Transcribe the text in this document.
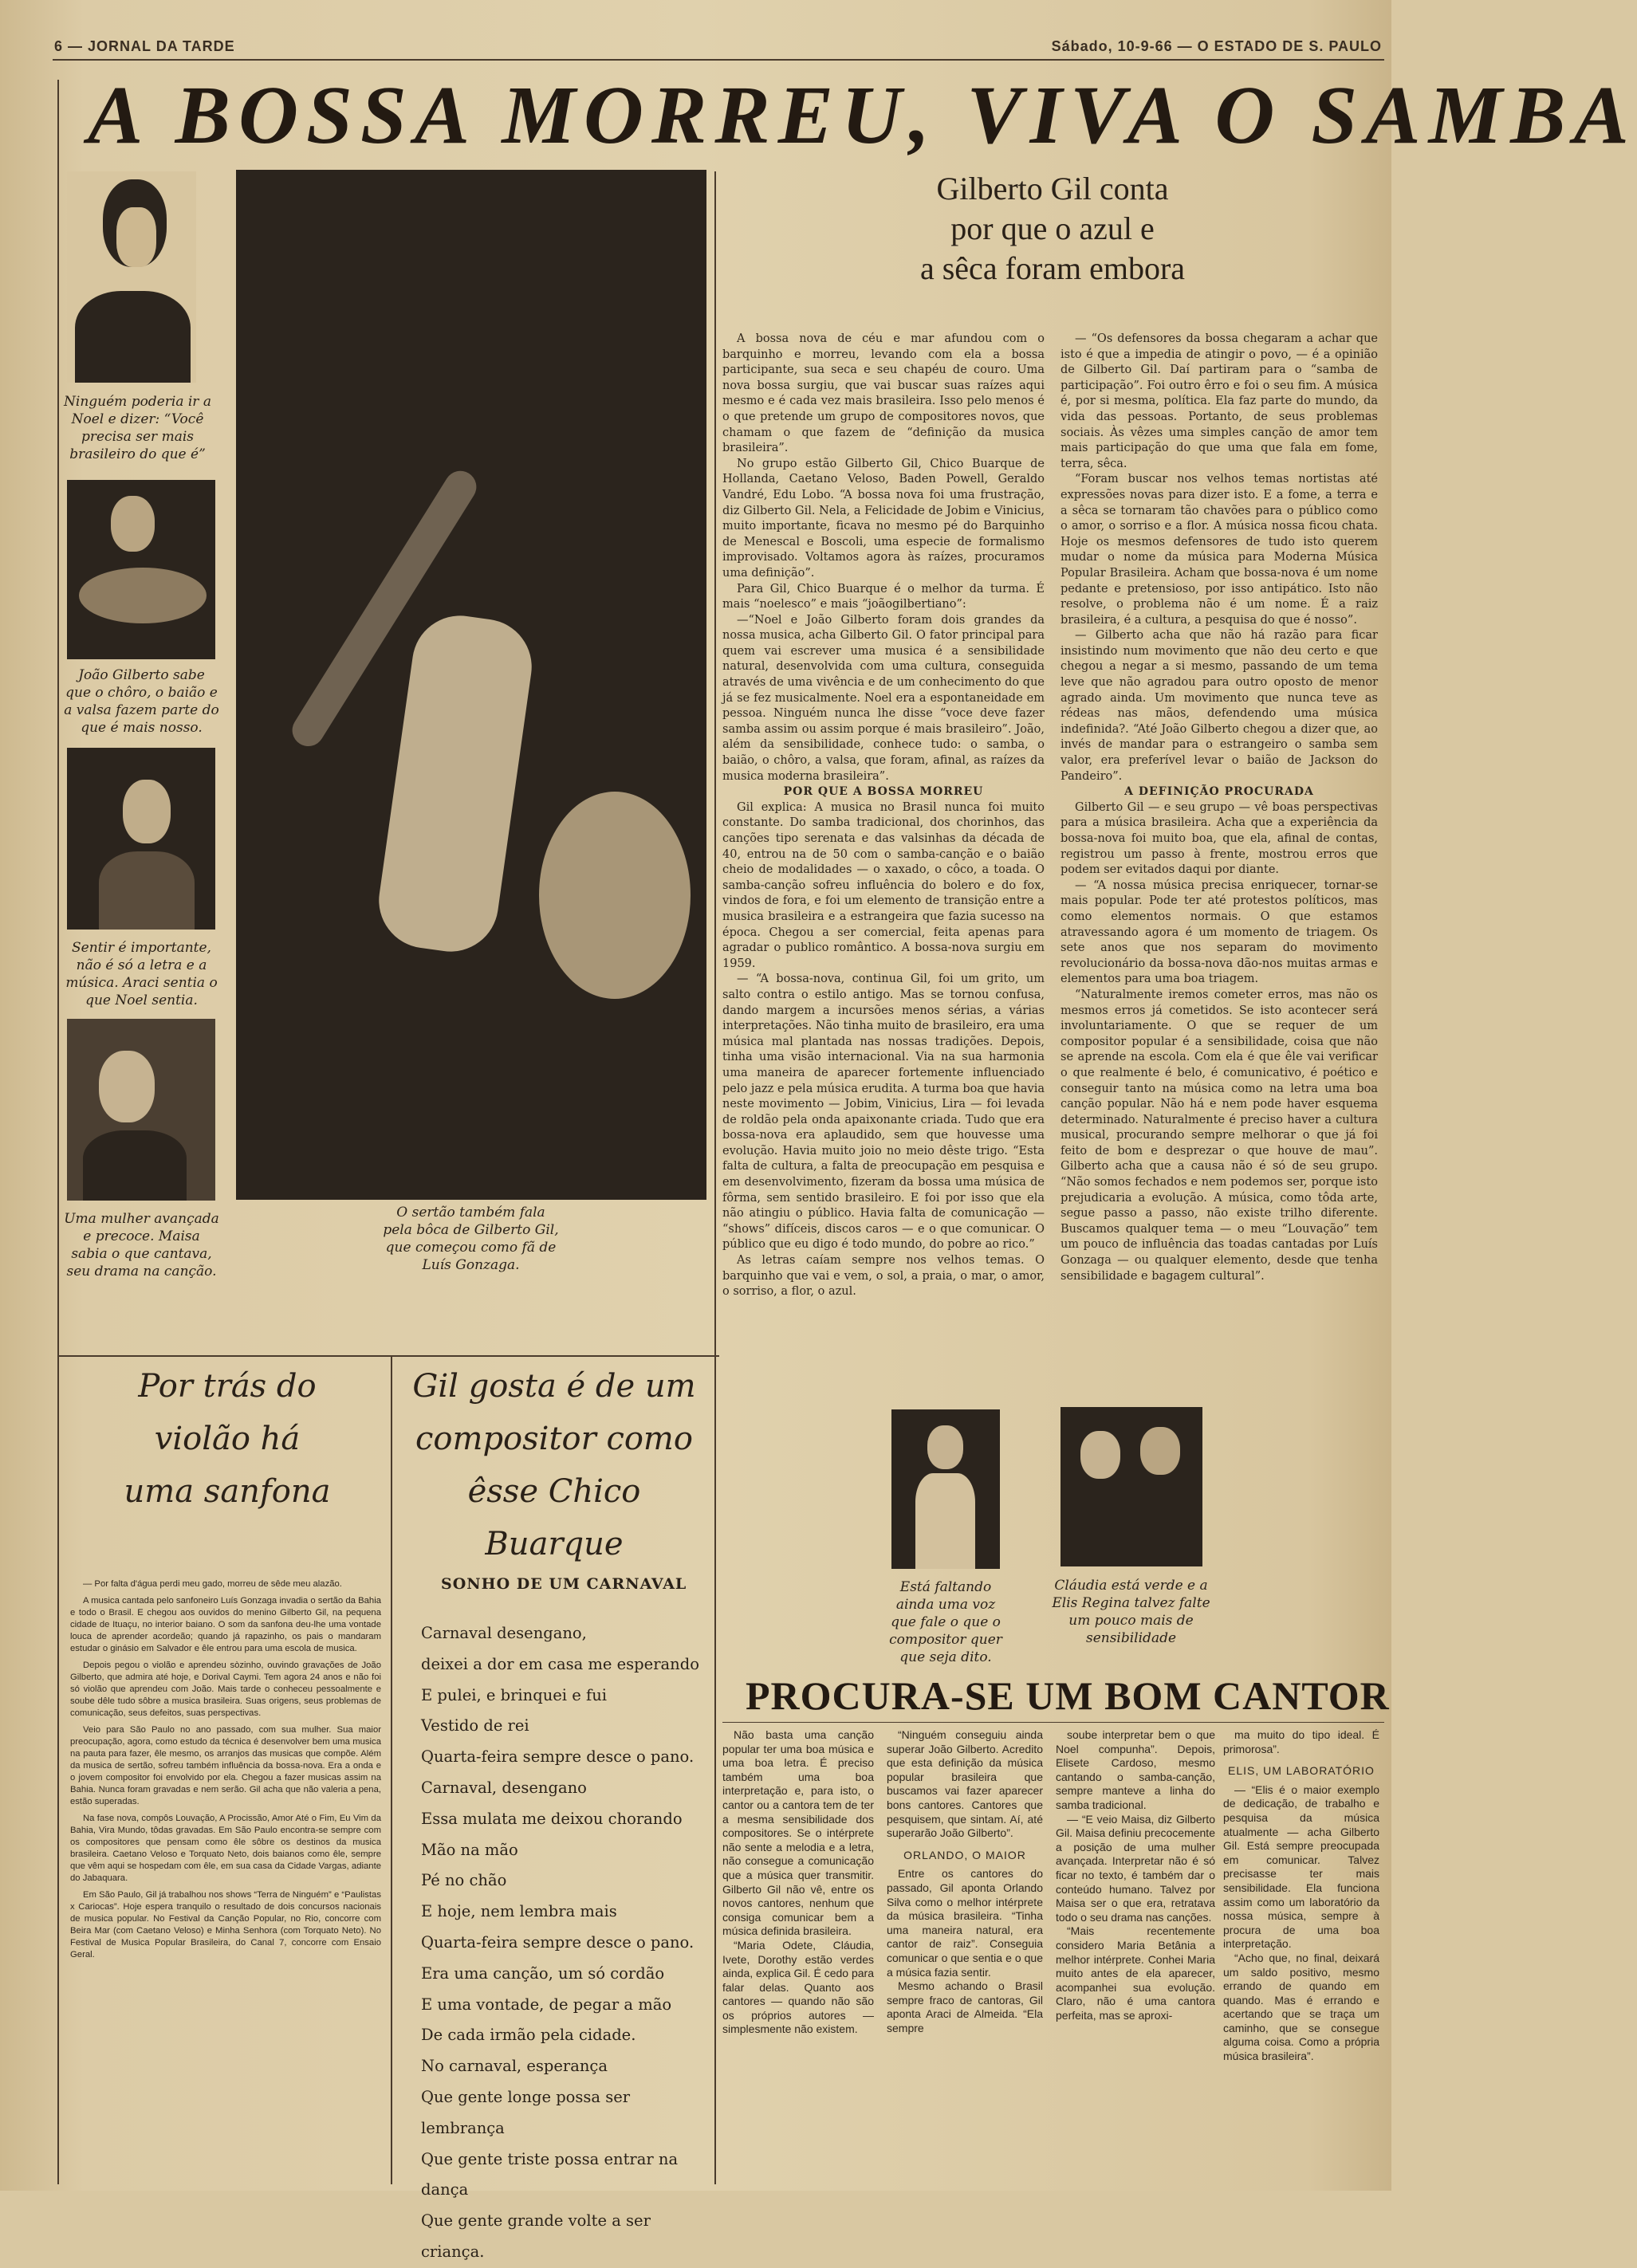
6 — JORNAL DA TARDE	Sábado, 10-9-66 — O ESTADO DE S. PAULO
A BOSSA MORREU, VIVA O SAMBA
Ninguém poderia ir a Noel e dizer: “Você precisa ser mais brasileiro do que é”
João Gilberto sabe que o chôro, o baião e a valsa fazem parte do que é mais nosso.
Sentir é importante, não é só a letra e a música. Araci sentia o que Noel sentia.
Uma mulher avançada e precoce. Maisa sabia o que cantava, seu drama na canção.
O sertão também fala pela bôca de Gilberto Gil, que começou como fã de Luís Gonzaga.
Gilberto Gil conta
por que o azul e
a sêca foram embora

A bossa nova de céu e mar afundou com o barquinho e morreu, levando com ela a bossa participante, sua seca e seu chapéu de couro. Uma nova bossa surgiu, que vai buscar suas raízes aqui mesmo e é cada vez mais brasileira. Isso pelo menos é o que pretende um grupo de compositores novos, que chamam o que fazem de “definição da musica brasileira”.

No grupo estão Gilberto Gil, Chico Buarque de Hollanda, Caetano Veloso, Baden Powell, Geraldo Vandré, Edu Lobo. “A bossa nova foi uma frustração, diz Gilberto Gil. Nela, a Felicidade de Jobim e Vinicius, muito importante, ficava no mesmo pé do Barquinho de Menescal e Boscoli, uma especie de formalismo improvisado. Voltamos agora às raízes, procuramos uma definição”.

Para Gil, Chico Buarque é o melhor da turma. É mais “noelesco” e mais “joãogilbertiano”:

—“Noel e João Gilberto foram dois grandes da nossa musica, acha Gilberto Gil. O fator principal para quem vai escrever uma musica é a sensibilidade natural, desenvolvida com uma cultura, conseguida através de uma vivência e de um conhecimento do que já se fez musicalmente. Noel era a espontaneidade em pessoa. Ninguém nunca lhe disse “voce deve fazer samba assim ou assim porque é mais brasileiro”. João, além da sensibilidade, conhece tudo: o samba, o baião, o chôro, a valsa, que foram, afinal, as raízes da musica moderna brasileira”.

POR QUE A BOSSA MORREU

Gil explica: A musica no Brasil nunca foi muito constante. Do samba tradicional, dos chorinhos, das canções tipo serenata e das valsinhas da década de 40, entrou na de 50 com o samba-canção e o baião cheio de modalidades — o xaxado, o côco, a toada. O samba-canção sofreu influência do bolero e do fox, vindos de fora, e foi um elemento de transição entre a musica brasileira e a estrangeira que fazia sucesso na época. Chegou a ser comercial, feita apenas para agradar o publico romântico. A bossa-nova surgiu em 1959.

— “A bossa-nova, continua Gil, foi um grito, um salto contra o estilo antigo. Mas se tornou confusa, dando margem a incursões menos sérias, a várias interpretações. Não tinha muito de brasileiro, era uma música mal plantada nas nossas tradições. Depois, tinha uma visão internacional. Via na sua harmonia uma maneira de aparecer fortemente influenciado pelo jazz e pela música erudita. A turma boa que havia neste movimento — Jobim, Vinicius, Lira — foi levada de roldão pela onda apaixonante criada. Tudo que era bossa-nova era aplaudido, sem que houvesse uma evolução. Havia muito joio no meio dêste trigo. “Esta falta de cultura, a falta de preocupação em pesquisa e em desenvolvimento, fizeram da bossa uma música de fôrma, sem sentido brasileiro. E foi por isso que ela não atingiu o público. Havia falta de comunicação — “shows” difíceis, discos caros — e o que comunicar. O público que eu digo é todo mundo, do pobre ao rico.”

As letras caíam sempre nos velhos temas. O barquinho que vai e vem, o sol, a praia, o mar, o amor, o sorriso, a flor, o azul.

— “Os defensores da bossa chegaram a achar que isto é que a impedia de atingir o povo, — é a opinião de Gilberto Gil. Daí partiram para o “samba de participação”. Foi outro êrro e foi o seu fim. A música é, por si mesma, política. Ela faz parte do mundo, da vida das pessoas. Portanto, de seus problemas sociais. Às vêzes uma simples canção de amor tem mais participação do que uma que fala em fome, terra, sêca.

“Foram buscar nos velhos temas nortistas até expressões novas para dizer isto. E a fome, a terra e a sêca se tornaram tão chavões para o público como o amor, o sorriso e a flor. A música nossa ficou chata. Hoje os mesmos defensores de tudo isto querem mudar o nome da música para Moderna Música Popular Brasileira. Acham que bossa-nova é um nome pedante e pretensioso, por isso antipático. Isto não resolve, o problema não é um nome. É a raiz brasileira, é a cultura, a pesquisa do que é nosso”.

— Gilberto acha que não há razão para ficar insistindo num movimento que não deu certo e que chegou a negar a si mesmo, passando de um tema leve que não agradou para outro oposto de menor agrado ainda. Um movimento que nunca teve as rédeas nas mãos, defendendo uma música indefinida?. “Até João Gilberto chegou a dizer que, ao invés de mandar para o estrangeiro o samba sem valor, era preferível levar o baião de Jackson do Pandeiro”.

A DEFINIÇÃO PROCURADA

Gilberto Gil — e seu grupo — vê boas perspectivas para a música brasileira. Acha que a experiência da bossa-nova foi muito boa, que ela, afinal de contas, registrou um passo à frente, mostrou erros que podem ser evitados daqui por diante.

— “A nossa música precisa enriquecer, tornar-se mais popular. Pode ter até protestos políticos, mas como elementos normais. O que estamos atravessando agora é um momento de triagem. Os sete anos que nos separam do movimento revolucionário da bossa-nova dão-nos muitas armas e elementos para uma boa triagem.

“Naturalmente iremos cometer erros, mas não os mesmos erros já cometidos. Se isto acontecer será involuntariamente. O que se requer de um compositor popular é a sensibilidade, coisa que não se aprende na escola. Com ela é que êle vai verificar o que realmente é belo, é comunicativo, é poético e conseguir tanto na música como na letra uma boa canção popular. Não há e nem pode haver esquema determinado. Naturalmente é preciso haver a cultura musical, procurando sempre melhorar o que já foi feito de bom e desprezar o que houve de mau”. Gilberto acha que a causa não é só de seu grupo. “Não somos fechados e nem podemos ser, porque isto prejudicaria a evolução. A música, como tôda arte, segue passo a passo, não existe trilho diferente. Buscamos qualquer tema — o meu “Louvação” tem um pouco de influência das toadas cantadas por Luís Gonzaga — ou qualquer elemento, desde que tenha sensibilidade e bagagem cultural”.

Por trás do
violão há
uma sanfona

— Por falta d'água perdi meu gado, morreu de sêde meu alazão.

A musica cantada pelo sanfoneiro Luís Gonzaga invadia o sertão da Bahia e todo o Brasil. E chegou aos ouvidos do menino Gilberto Gil, na pequena cidade de Ituaçu, no interior baiano. O som da sanfona deu-lhe uma vontade louca de aprender acordeão; quando já rapazinho, os pais o mandaram estudar o ginásio em Salvador e êle entrou para uma escola de musica.

Depois pegou o violão e aprendeu sòzinho, ouvindo gravações de João Gilberto, que admira até hoje, e Dorival Caymi. Tem agora 24 anos e não foi só violão que aprendeu com João. Mais tarde o conheceu pessoalmente e soube dêle tudo sôbre a musica brasileira. Suas origens, seus problemas de comunicação, seus defeitos, suas perspectivas.

Veio para São Paulo no ano passado, com sua mulher. Sua maior preocupação, agora, como estudo da técnica é desenvolver bem uma musica na pauta para fazer, êle mesmo, os arranjos das musicas que compõe. Além da musica de sertão, sofreu também influência da bossa-nova. Era a onda e o jovem compositor foi envolvido por ela. Chegou a fazer musicas assim na Bahia. Nunca foram gravadas e nem serão. Gil acha que não valeria a pena, estão superadas.

Na fase nova, compôs Louvação, A Procissão, Amor Até o Fim, Eu Vim da Bahia, Vira Mundo, tôdas gravadas. Em São Paulo encontra-se sempre com os compositores que pensam como êle sôbre os destinos da musica brasileira. Caetano Veloso e Torquato Neto, dois baianos como êle, sempre que vêm aqui se hospedam com êle, em sua casa da Cidade Vargas, adiante do Jabaquara.

Em São Paulo, Gil já trabalhou nos shows “Terra de Ninguém” e “Paulistas x Cariocas”. Hoje espera tranquilo o resultado de dois concursos nacionais de musica popular. No Festival da Canção Popular, no Rio, concorre com Beira Mar (com Caetano Veloso) e Minha Senhora (com Torquato Neto). No Festival de Musica Popular Brasileira, do Canal 7, concorre com Ensaio Geral.

Gil gosta é de um
compositor como
êsse Chico Buarque
SONHO DE UM CARNAVAL
Carnaval desengano,
deixei a dor em casa me esperando
E pulei, e brinquei e fui
Vestido de rei
Quarta-feira sempre desce o pano.
Carnaval, desengano
Essa mulata me deixou chorando
Mão na mão
Pé no chão
E hoje, nem lembra mais
Quarta-feira sempre desce o pano.
Era uma canção, um só cordão
E uma vontade, de pegar a mão
De cada irmão pela cidade.
No carnaval, esperança
Que gente longe possa ser lembrança
Que gente triste possa entrar na dança
Que gente grande volte a ser criança.
Está faltando ainda uma voz que fale o que o compositor quer que seja dito.
Cláudia está verde e a Elis Regina talvez falte um pouco mais de sensibilidade
PROCURA-SE UM BOM CANTOR

Não basta uma canção popular ter uma boa música e uma boa letra. É preciso também uma boa interpretação e, para isto, o cantor ou a cantora tem de ter a mesma sensibilidade dos compositores. Se o intérprete não sente a melodia e a letra, não consegue a comunicação que a música quer transmitir. Gilberto Gil não vê, entre os novos cantores, nenhum que consiga comunicar bem a música definida brasileira.

“Maria Odete, Cláudia, Ivete, Dorothy estão verdes ainda, explica Gil. É cedo para falar delas. Quanto aos cantores — quando não são os próprios autores — simplesmente não existem.

“Ninguém conseguiu ainda superar João Gilberto. Acredito que esta definição da música popular brasileira que buscamos vai fazer aparecer bons cantores. Cantores que pesquisem, que sintam. Aí, até superarão João Gilberto”.

ORLANDO, O MAIOR

Entre os cantores do passado, Gil aponta Orlando Silva como o melhor intérprete da música brasileira. “Tinha uma maneira natural, era cantor de raiz”. Conseguia comunicar o que sentia e o que a música fazia sentir.

Mesmo achando o Brasil sempre fraco de cantoras, Gil aponta Araci de Almeida. “Ela sempre

soube interpretar bem o que Noel compunha”. Depois, Elisete Cardoso, mesmo cantando o samba-canção, sempre manteve a linha do samba tradicional.

— “E veio Maisa, diz Gilberto Gil. Maisa definiu precocemente a posição de uma mulher avançada. Interpretar não é só ficar no texto, é também dar o conteúdo humano. Talvez por Maisa ser o que era, retratava todo o seu drama nas canções.

“Mais recentemente considero Maria Betânia a melhor intérprete. Conhei Maria muito antes de ela aparecer, acompanhei sua evolução. Claro, não é uma cantora perfeita, mas se aproxi-

ma muito do tipo ideal. É primorosa”.

ELIS, UM LABORATÓRIO

— “Elis é o maior exemplo de dedicação, de trabalho e pesquisa da música atualmente — acha Gilberto Gil. Está sempre preocupada em comunicar. Talvez precisasse ter mais sensibilidade. Ela funciona assim como um laboratório da nossa música, sempre à procura de uma boa interpretação.

“Acho que, no final, deixará um saldo positivo, mesmo errando de quando em quando. Mas é errando e acertando que se traça um caminho, que se consegue alguma coisa. Como a própria música brasileira”.
